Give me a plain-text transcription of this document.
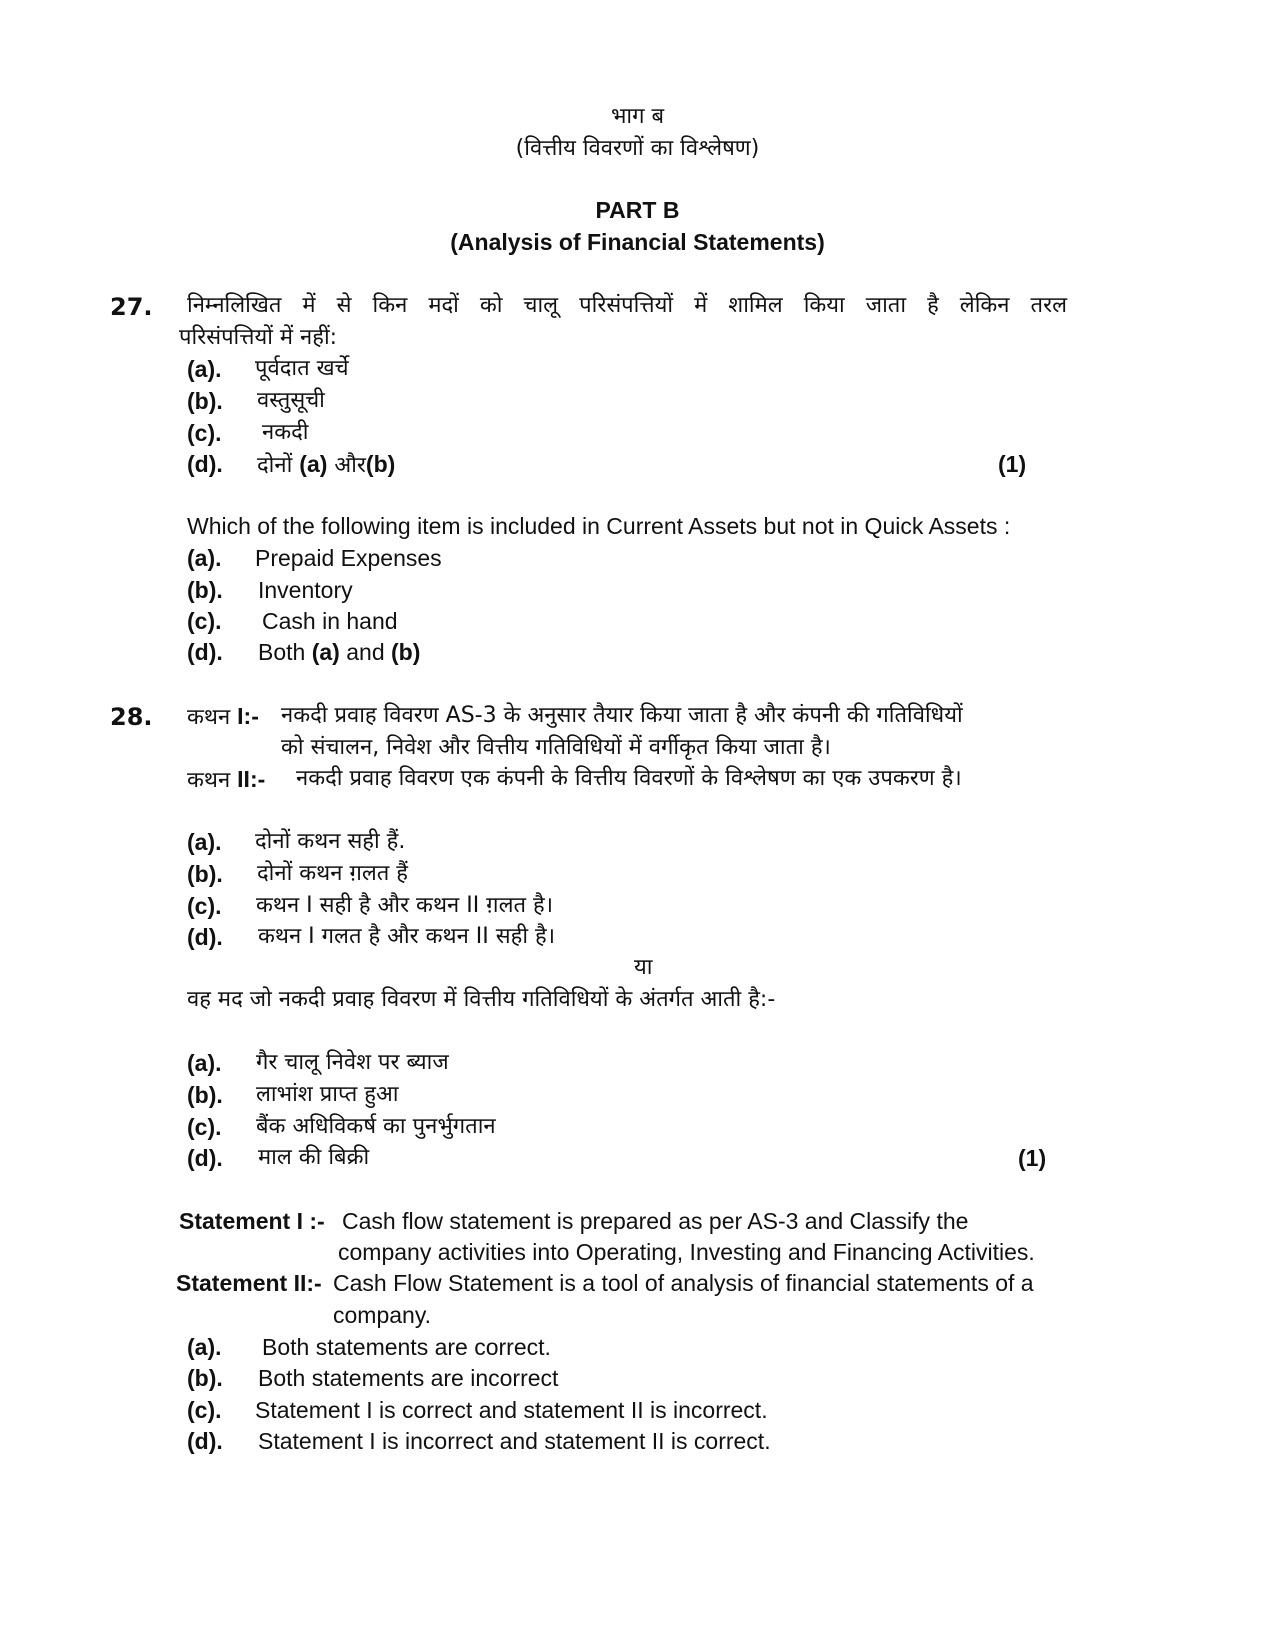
भाग ब
(वित्तीय विवरणों का विश्लेषण)
PART B
(Analysis of Financial Statements)
27. निम्नलिखित में से किन मदों को चालू परिसंपत्तियों में शामिल किया जाता है लेकिन तरल
परिसंपत्तियों में नहीं:
(a). पूर्वदात खर्चे
(b). वस्तुसूची
(c). नकदी
(d). दोनों (a) और(b)	(1)
Which of the following item is included in Current Assets but not in Quick Assets :
(a). Prepaid Expenses
(b). Inventory
(c). Cash in hand
(d). Both (a) and (b)
28. कथन I:- नकदी प्रवाह विवरण AS-3 के अनुसार तैयार किया जाता है और कंपनी की गतिविधियों
को संचालन, निवेश और वित्तीय गतिविधियों में वर्गीकृत किया जाता है।
कथन II:- नकदी प्रवाह विवरण एक कंपनी के वित्तीय विवरणों के विश्लेषण का एक उपकरण है।
(a). दोनों कथन सही हैं.
(b). दोनों कथन ग़लत हैं
(c). कथन I सही है और कथन II ग़लत है।
(d). कथन I गलत है और कथन II सही है।
या
वह मद जो नकदी प्रवाह विवरण में वित्तीय गतिविधियों के अंतर्गत आती है:-
(a). गैर चालू निवेश पर ब्याज
(b). लाभांश प्राप्त हुआ
(c). बैंक अधिविकर्ष का पुनर्भुगतान
(d). माल की बिक्री	(1)
Statement I :- Cash flow statement is prepared as per AS-3 and Classify the
company activities into Operating, Investing and Financing Activities.
Statement II:- Cash Flow Statement is a tool of analysis of financial statements of a
company.
(a). Both statements are correct.
(b). Both statements are incorrect
(c). Statement I is correct and statement II is incorrect.
(d). Statement I is incorrect and statement II is correct.
